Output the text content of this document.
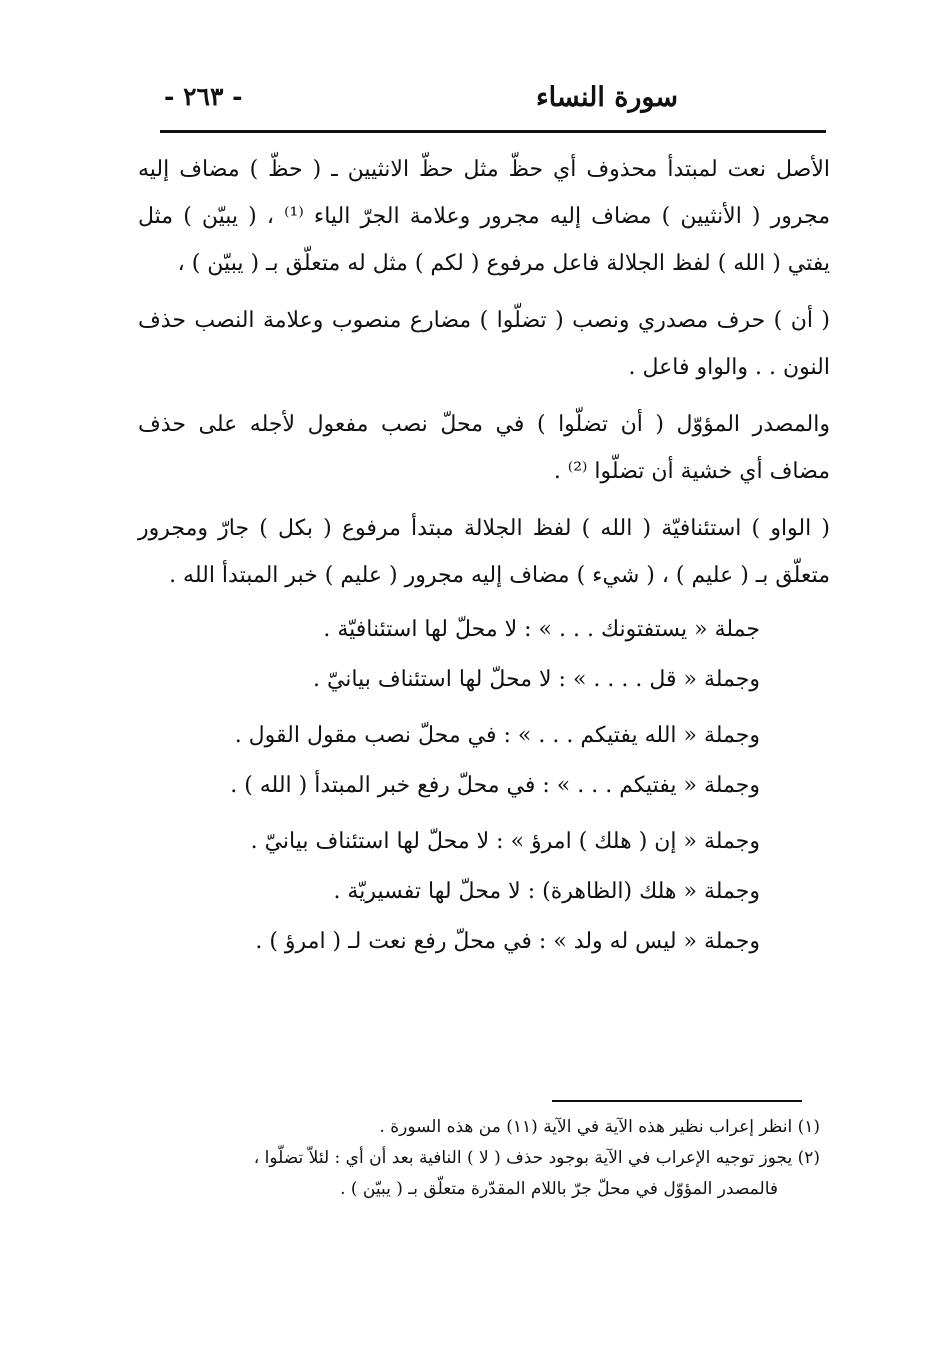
سورة النساء
- ٢٦٣ -

الأصل نعت لمبتدأ محذوف أي حظّ مثل حظّ الانثيين ـ ( حظّ ) مضاف إليه مجرور ( الأنثيين ) مضاف إليه مجرور وعلامة الجرّ الياء ⁽¹⁾ ، ( يبيّن ) مثل يفتي ( الله ) لفظ الجلالة فاعل مرفوع ( لكم ) مثل له متعلّق بـ ( يبيّن ) ،

( أن ) حرف مصدري ونصب ( تضلّوا ) مضارع منصوب وعلامة النصب حذف النون . . والواو فاعل .

والمصدر المؤوّل ( أن تضلّوا ) في محلّ نصب مفعول لأجله على حذف مضاف أي خشية أن تضلّوا ⁽²⁾ .

( الواو ) استئنافيّة ( الله ) لفظ الجلالة مبتدأ مرفوع ( بكل ) جارّ ومجرور متعلّق بـ ( عليم ) ، ( شيء ) مضاف إليه مجرور ( عليم ) خبر المبتدأ الله .

جملة « يستفتونك . . . » : لا محلّ لها استئنافيّة .

وجملة « قل . . . . » : لا محلّ لها استئناف بيانيّ .

وجملة « الله يفتيكم . . . » : في محلّ نصب مقول القول .

وجملة « يفتيكم . . . » : في محلّ رفع خبر المبتدأ ( الله ) .

وجملة « إن ( هلك ) امرؤ » : لا محلّ لها استئناف بيانيّ .

وجملة « هلك (الظاهرة) : لا محلّ لها تفسيريّة .

وجملة « ليس له ولد » : في محلّ رفع نعت لـ ( امرؤ ) .

(١) انظر إعراب نظير هذه الآية في الآية (١١) من هذه السورة .

(٢) يجوز توجيه الإعراب في الآية بوجود حذف ( لا ) النافية بعد أن أي : لئلاّ تضلّوا ،

فالمصدر المؤوّل في محلّ جرّ باللام المقدّرة متعلّق بـ ( يبيّن ) .
